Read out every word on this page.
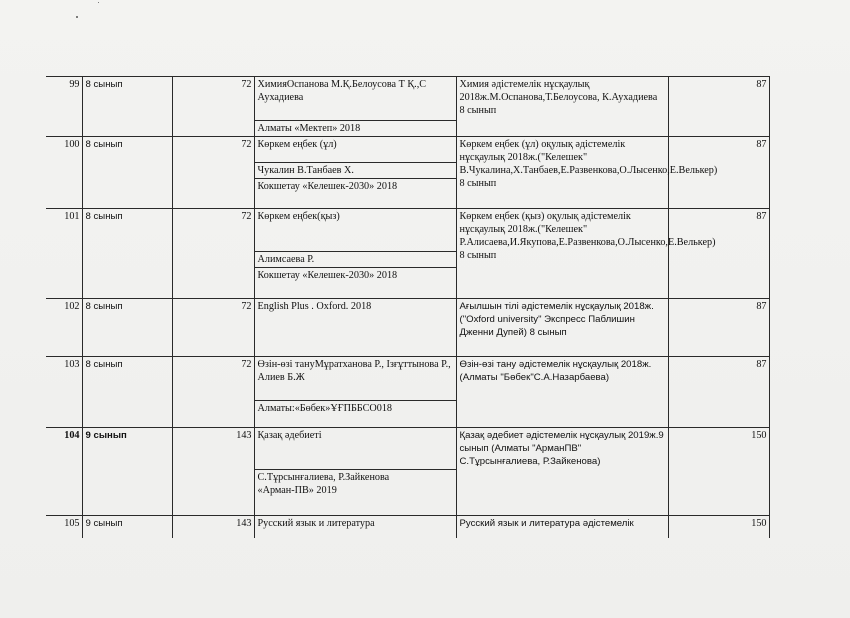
99	8 сынып	72	ХимияОспанова М.Қ.Белоусова Т Қ.,С Аухадиева	Химия әдістемелік нұсқаулық 2018ж.М.Оспанова,Т.Белоусова, К.Аухадиева 8 сынып	87
			Алматы «Мектеп» 2018		
100	8 сынып	72	Көркем еңбек (ұл)	Көркем еңбек (ұл) оқулық әдістемелік нұсқаулық 2018ж.("Келешек" В.Чукалина,Х.Танбаев,Е.Развенкова,О.Лысенко,Е.Велькер) 8 сынып	87
			Чукалин В.Танбаев Х.		
			Кокшетау «Келешек-2030» 2018		
101	8 сынып	72	Көркем еңбек(қыз)	Көркем еңбек (қыз) оқулық әдістемелік нұсқаулық 2018ж.("Келешек" Р.Алисаева,И.Якупова,Е.Развенкова,О.Лысенко,Е.Велькер) 8 сынып	87
			Алимсаева Р.		
			Кокшетау «Келешек-2030» 2018		
102	8 сынып	72	English Plus . Oxford. 2018	Ағылшын тілі әдістемелік нұсқаулық 2018ж. ("Oxford university" Экспресс Паблишин Дженни Дупей) 8 сынып	87
103	8 сынып	72	Өзін-өзі тануМұратханова Р., Ізғұттынова Р., Алиев Б.Ж	Өзін-өзі тану әдістемелік нұсқаулық 2018ж.(Алматы "Бөбек"С.А.Назарбаева)	87
			Алматы:«Бөбек»ҰҒПББСО018		
104	9 сынып	143	Қазақ әдебиеті	Қазақ әдебиет әдістемелік нұсқаулық 2019ж.9 сынып (Алматы "АрманПВ" С.Тұрсынғалиева, Р.Зайкенова)	150

			С.Тұрсынғалиева, Р.Зайкенова
«Арман-ПВ» 2019		

105	9 сынып	143	Русский язык и литература	Русский язык и литература әдістемелік	150
